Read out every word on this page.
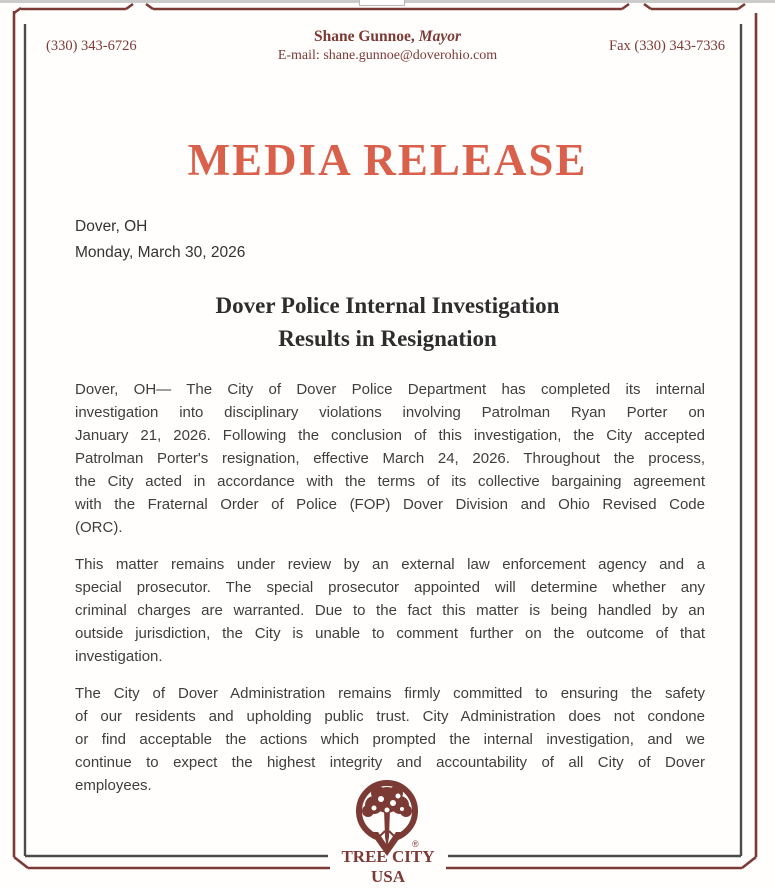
(330) 343-6726
Shane Gunnoe, Mayor
E-mail: shane.gunnoe@doverohio.com
Fax (330) 343-7336
MEDIA RELEASE
Dover, OH
Monday, March 30, 2026
Dover Police Internal Investigation
Results in Resignation
Dover, OH— The City of Dover Police Department has completed its internal
investigation into disciplinary violations involving Patrolman Ryan Porter on
January 21, 2026. Following the conclusion of this investigation, the City accepted
Patrolman Porter's resignation, effective March 24, 2026. Throughout the process,
the City acted in accordance with the terms of its collective bargaining agreement
with the Fraternal Order of Police (FOP) Dover Division and Ohio Revised Code
(ORC).
This matter remains under review by an external law enforcement agency and a
special prosecutor. The special prosecutor appointed will determine whether any
criminal charges are warranted. Due to the fact this matter is being handled by an
outside jurisdiction, the City is unable to comment further on the outcome of that
investigation.
The City of Dover Administration remains firmly committed to ensuring the safety
of our residents and upholding public trust. City Administration does not condone
or find acceptable the actions which prompted the internal investigation, and we
continue to expect the highest integrity and accountability of all City of Dover
employees.
®
TREE CITY USA
